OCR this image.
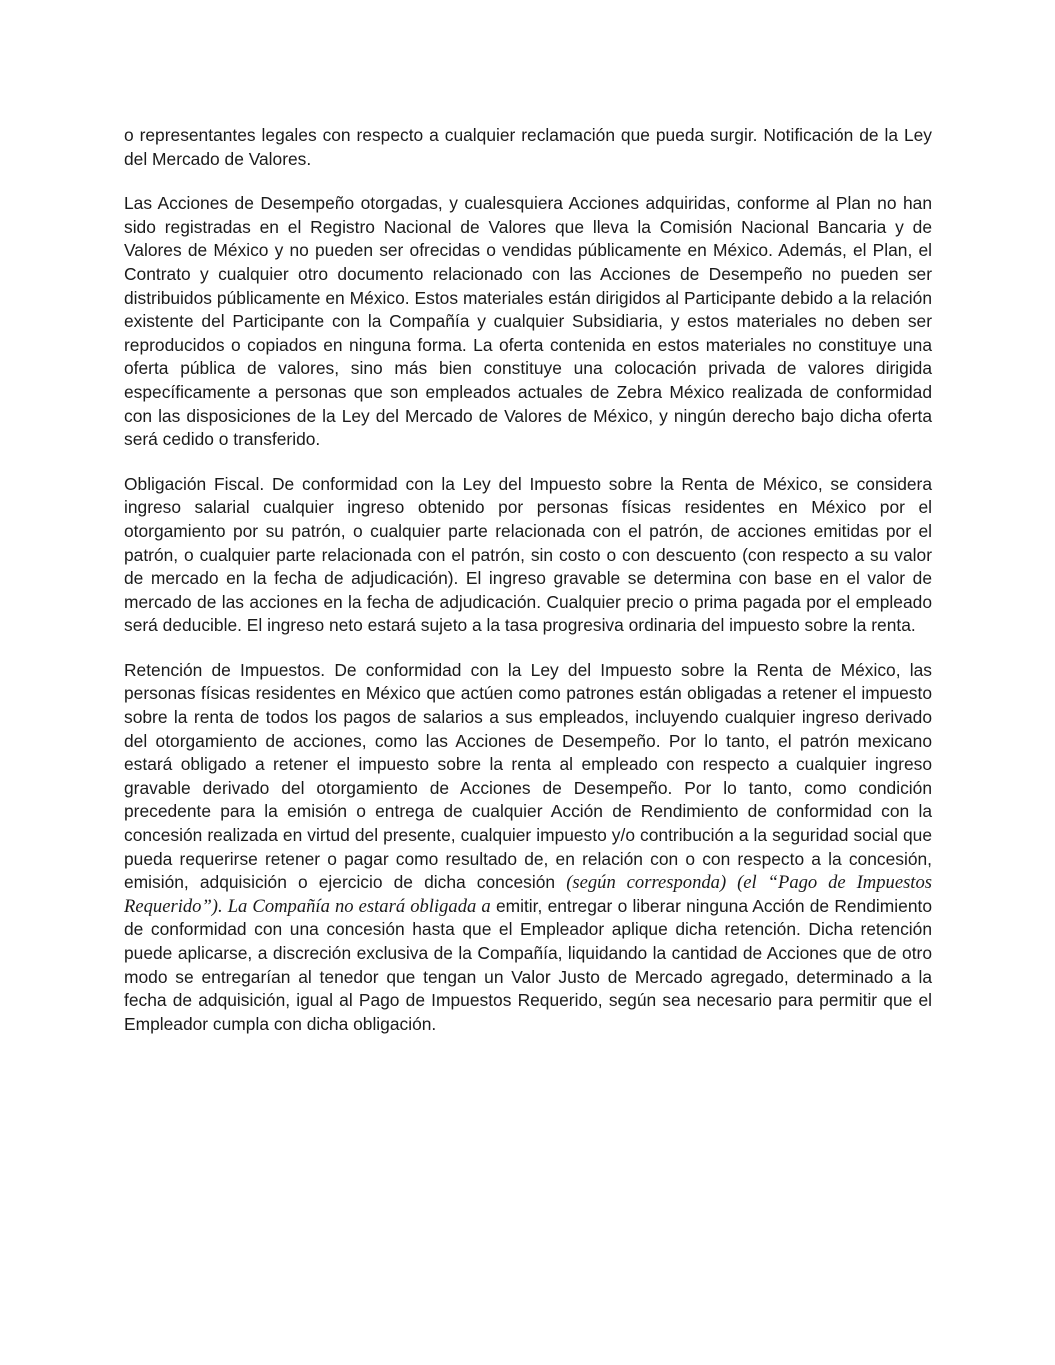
o representantes legales con respecto a cualquier reclamación que pueda surgir. Notificación de la Ley del Mercado de Valores.

Las Acciones de Desempeño otorgadas, y cualesquiera Acciones adquiridas, conforme al Plan no han sido registradas en el Registro Nacional de Valores que lleva la Comisión Nacional Bancaria y de Valores de México y no pueden ser ofrecidas o vendidas públicamente en México. Además, el Plan, el Contrato y cualquier otro documento relacionado con las Acciones de Desempeño no pueden ser distribuidos públicamente en México. Estos materiales están dirigidos al Participante debido a la relación existente del Participante con la Compañía y cualquier Subsidiaria, y estos materiales no deben ser reproducidos o copiados en ninguna forma. La oferta contenida en estos materiales no constituye una oferta pública de valores, sino más bien constituye una colocación privada de valores dirigida específicamente a personas que son empleados actuales de Zebra México realizada de conformidad con las disposiciones de la Ley del Mercado de Valores de México, y ningún derecho bajo dicha oferta será cedido o transferido.

Obligación Fiscal. De conformidad con la Ley del Impuesto sobre la Renta de México, se considera ingreso salarial cualquier ingreso obtenido por personas físicas residentes en México por el otorgamiento por su patrón, o cualquier parte relacionada con el patrón, de acciones emitidas por el patrón, o cualquier parte relacionada con el patrón, sin costo o con descuento (con respecto a su valor de mercado en la fecha de adjudicación). El ingreso gravable se determina con base en el valor de mercado de las acciones en la fecha de adjudicación. Cualquier precio o prima pagada por el empleado será deducible. El ingreso neto estará sujeto a la tasa progresiva ordinaria del impuesto sobre la renta.

Retención de Impuestos. De conformidad con la Ley del Impuesto sobre la Renta de México, las personas físicas residentes en México que actúen como patrones están obligadas a retener el impuesto sobre la renta de todos los pagos de salarios a sus empleados, incluyendo cualquier ingreso derivado del otorgamiento de acciones, como las Acciones de Desempeño. Por lo tanto, el patrón mexicano estará obligado a retener el impuesto sobre la renta al empleado con respecto a cualquier ingreso gravable derivado del otorgamiento de Acciones de Desempeño. Por lo tanto, como condición precedente para la emisión o entrega de cualquier Acción de Rendimiento de conformidad con la concesión realizada en virtud del presente, cualquier impuesto y/o contribución a la seguridad social que pueda requerirse retener o pagar como resultado de, en relación con o con respecto a la concesión, emisión, adquisición o ejercicio de dicha concesión (según corresponda) (el “Pago de Impuestos Requerido”). La Compañía no estará obligada a emitir, entregar o liberar ninguna Acción de Rendimiento de conformidad con una concesión hasta que el Empleador aplique dicha retención. Dicha retención puede aplicarse, a discreción exclusiva de la Compañía, liquidando la cantidad de Acciones que de otro modo se entregarían al tenedor que tengan un Valor Justo de Mercado agregado, determinado a la fecha de adquisición, igual al Pago de Impuestos Requerido, según sea necesario para permitir que el Empleador cumpla con dicha obligación.
